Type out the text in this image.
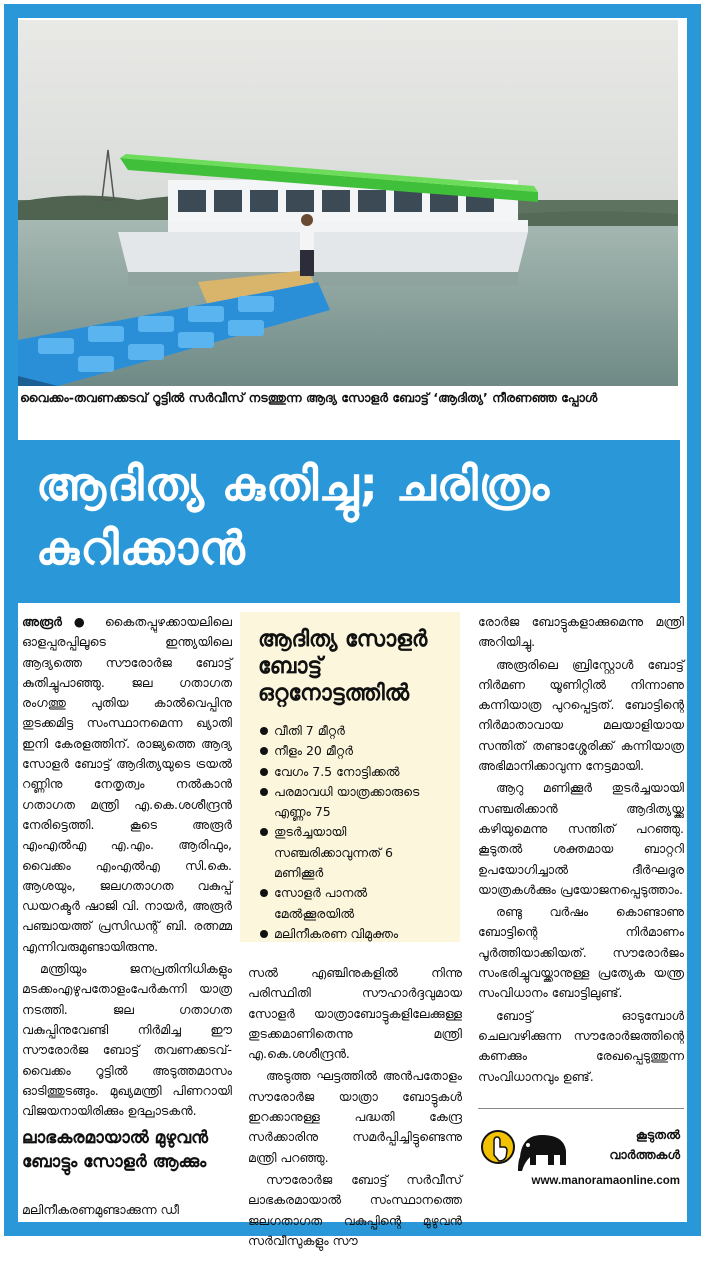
വൈക്കം-തവണക്കടവ് റൂട്ടിൽ സർവീസ് നടത്തുന്ന ആദ്യ സോളർ ബോട്ട് ‘ആദിത്യ’ നീരണഞ്ഞ പ്പോൾ
ആദിത്യ കുതിച്ചു; ചരിത്രം കുറിക്കാൻ

അരൂർ ● കൈതപ്പുഴക്കായലിലെ ഓളപ്പരപ്പിലൂടെ ഇന്ത്യയിലെ ആദ്യത്തെ സൗരോർജ ബോട്ട് കുതിച്ചുപാഞ്ഞു. ജല ഗതാഗത രംഗത്തു പുതിയ കാൽവെപ്പിനു തുടക്കമിട്ട സംസ്ഥാനമെന്ന ഖ്യാതി ഇനി കേരളത്തിന്. രാജ്യത്തെ ആദ്യ സോളർ ബോട്ട് ആദിത്യയുടെ ട്രയൽ റണ്ണിനു നേതൃത്വം നൽകാൻ ഗതാഗത മന്ത്രി എ.കെ.ശശീന്ദ്രൻ നേരിട്ടെത്തി. കൂടെ അരൂർ എംഎൽഎ എ.എം. ആരിഫും, വൈക്കം എംഎൽഎ സി.കെ. ആശയും, ജലഗതാഗത വകുപ്പ് ഡയറക്ടർ ഷാജി വി. നായർ, അരൂർ പഞ്ചായത്ത് പ്രസിഡന്റ് ബി. രത്നമ്മ എന്നിവരുമുണ്ടായിരുന്നു.

മന്ത്രിയും ജനപ്രതിനിധികളും മടക്കംഎഴുപതോളംപേർകന്നി യാത്ര നടത്തി. ജല ഗതാഗത വകുപ്പിനുവേണ്ടി നിർമിച്ച ഈ സൗരോർജ ബോട്ട് തവണക്കടവ്-വൈക്കം റൂട്ടിൽ അടുത്തമാസം ഓടിത്തുടങ്ങും. മുഖ്യമന്ത്രി പിണറായി വിജയനായിരിക്കും ഉദ്ഘാടകൻ.

ആദിത്യ സോളർ ബോട്ട് ഒറ്റനോട്ടത്തിൽ
വീതി 7 മീറ്റർ
നീളം 20 മീറ്റർ
വേഗം 7.5 നോട്ടിക്കൽ
പരമാവധി യാത്രക്കാരുടെ എണ്ണം 75
തുടർച്ചയായി സഞ്ചരിക്കാവുന്നത് 6 മണിക്കൂർ
സോളർ പാനൽ മേൽക്കൂരയിൽ
മലിനീകരണ വിമുക്തം

സൽ എഞ്ചിനുകളിൽ നിന്നു പരിസ്ഥിതി സൗഹാർദ്ദവുമായ സോളർ യാത്രാബോട്ടുകളിലേക്കുള്ള തുടക്കമാണിതെന്നു മന്ത്രി എ.കെ.ശശീന്ദ്രൻ.

അടുത്ത ഘട്ടത്തിൽ അൻപതോളം സൗരോർജ യാത്രാ ബോട്ടുകൾ ഇറക്കാനുള്ള പദ്ധതി കേന്ദ്ര സർക്കാരിനു സമർപ്പിച്ചിട്ടുണ്ടെന്നു മന്ത്രി പറഞ്ഞു.

സൗരോർജ ബോട്ട് സർവീസ് ലാഭകരമായാൽ സംസ്ഥാനത്തെ ജലഗതാഗത വകുപ്പിന്റെ മുഴുവൻ സർവീസുകളും സൗ

രോർജ ബോട്ടുകളാക്കുമെന്നു മന്ത്രി അറിയിച്ചു.

അരൂരിലെ ബ്രിസ്റ്റോൾ ബോട്ട് നിർമണ യൂണിറ്റിൽ നിന്നാണു കന്നിയാത്ര പുറപ്പെട്ടത്. ബോട്ടിന്റെ നിർമാതാവായ മലയാളിയായ സന്തിത് തണ്ടാശ്ശേരിക്ക് കന്നിയാത്ര അഭിമാനിക്കാവുന്ന നേട്ടമായി.

ആറു മണിക്കൂർ തുടർച്ചയായി സഞ്ചരിക്കാൻ ആദിത്യയ്ക്കു കഴിയുമെന്നു സന്തിത് പറഞ്ഞു. കൂടുതൽ ശക്തമായ ബാറ്ററി ഉപയോഗിച്ചാൽ ദീർഘദൂര യാത്രകൾക്കും പ്രയോജനപ്പെടുത്താം.

രണ്ടു വർഷം കൊണ്ടാണു ബോട്ടിന്റെ നിർമാണം പൂർത്തിയാക്കിയത്. സൗരോർജം സംഭരിച്ചുവയ്ക്കാനുള്ള പ്രത്യേക യന്ത്ര സംവിധാനം ബോട്ടിലുണ്ട്.

ബോട്ട് ഓടുമ്പോൾ ചെലവഴിക്കുന്ന സൗരോർജത്തിന്റെ കണക്കും രേഖപ്പെടുത്തുന്ന സംവിധാനവും ഉണ്ട്.

ലാഭകരമായാൽ മുഴുവൻ ബോട്ടും സോളർ ആക്കും
മലിനീകരണമുണ്ടാക്കുന്ന ഡീ
കൂടുതൽ വാർത്തകൾ
www.manoramaonline.com
